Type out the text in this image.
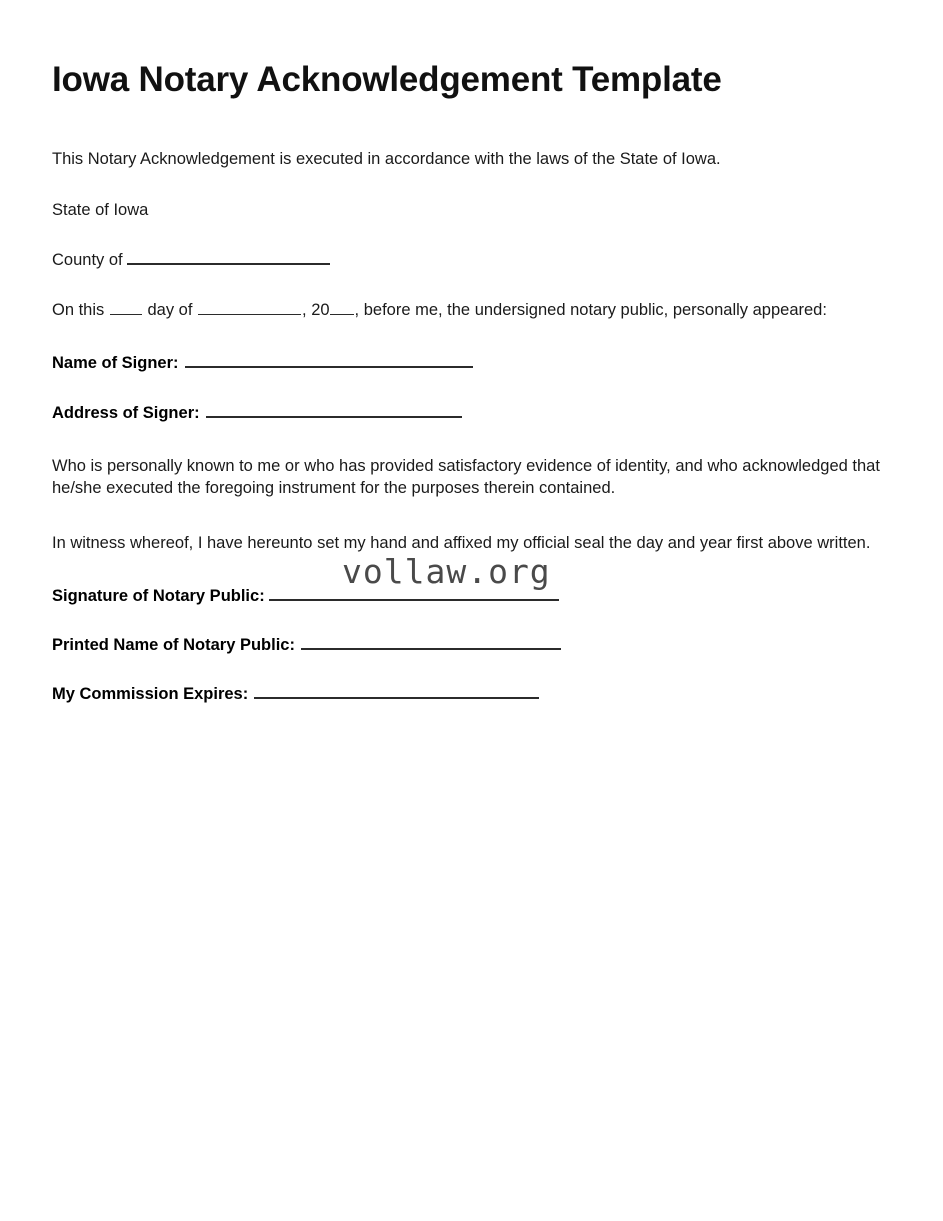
Iowa Notary Acknowledgement Template

This Notary Acknowledgement is executed in accordance with the laws of the State of Iowa.

State of Iowa

County of

On this	day of	, 20 , before me, the undersigned notary public, personally appeared:

Name of Signer:
Address of Signer:

Who is personally known to me or who has provided satisfactory evidence of identity, and who acknowledged that he/she executed the foregoing instrument for the purposes therein contained.

In witness whereof, I have hereunto set my hand and affixed my official seal the day and year first above written.

Signature of Notary Public:
vollaw.org
Printed Name of Notary Public:
My Commission Expires:
